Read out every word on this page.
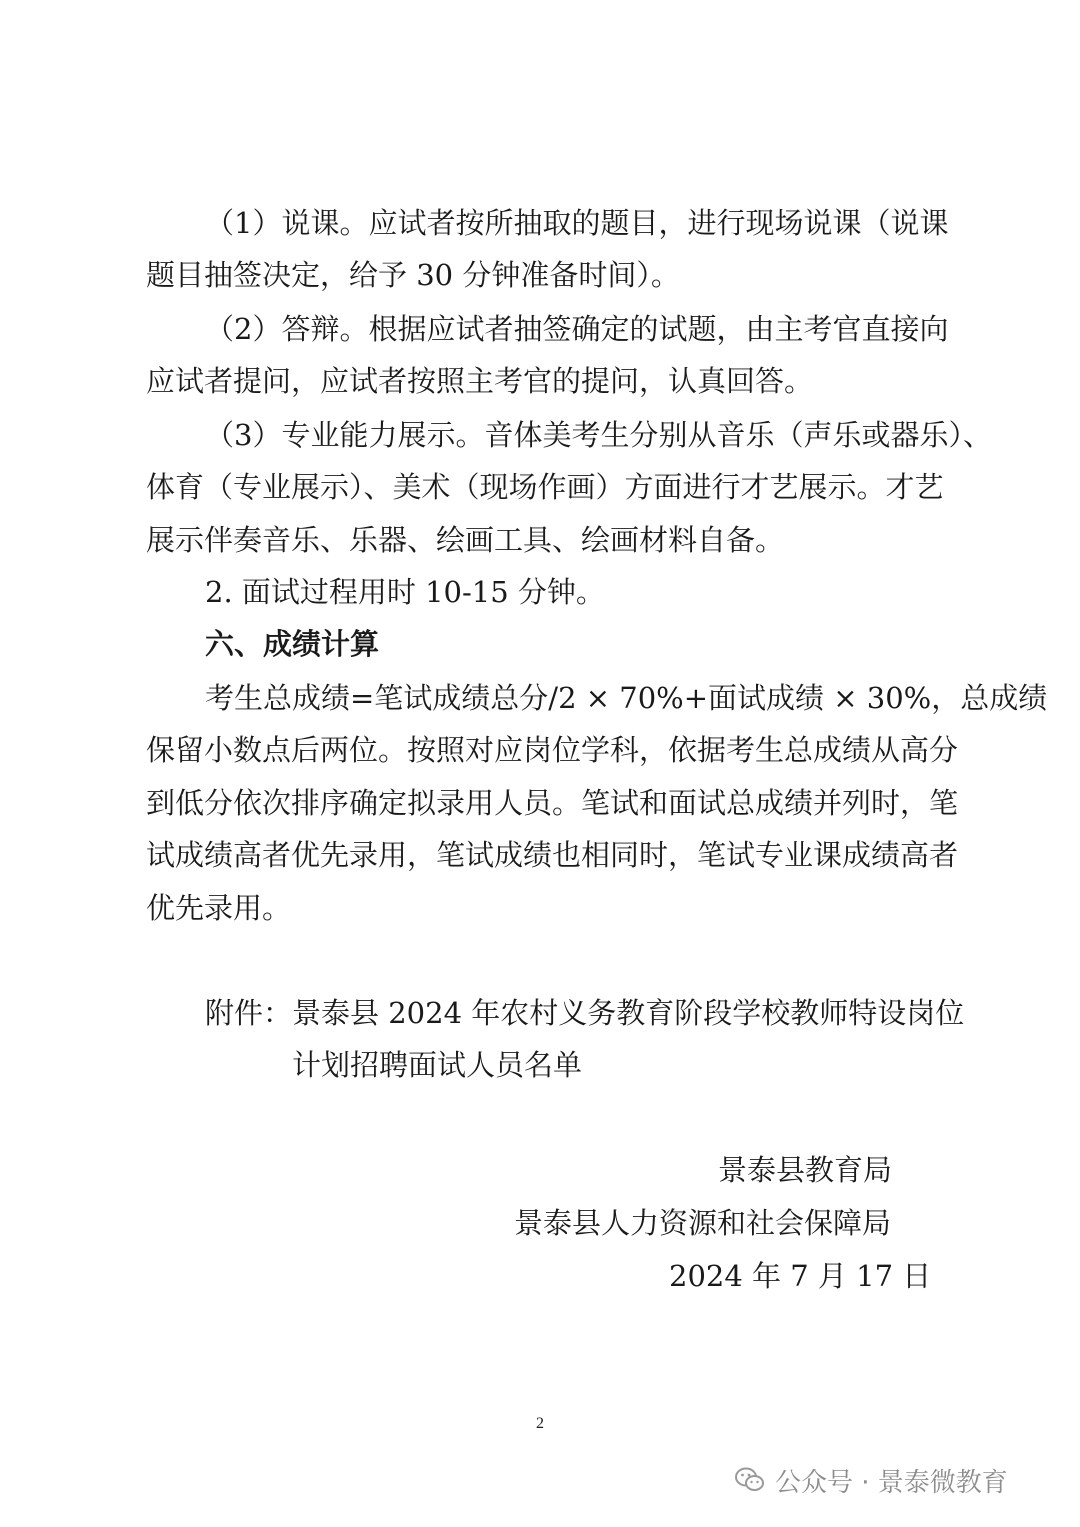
（1）说课。应试者按所抽取的题目，进行现场说课（说课
题目抽签决定，给予 30 分钟准备时间）。
（2）答辩。根据应试者抽签确定的试题，由主考官直接向
应试者提问，应试者按照主考官的提问，认真回答。
（3）专业能力展示。音体美考生分别从音乐（声乐或器乐）、
体育（专业展示）、美术（现场作画）方面进行才艺展示。才艺
展示伴奏音乐、乐器、绘画工具、绘画材料自备。
2. 面试过程用时 10-15 分钟。
六、成绩计算
考生总成绩=笔试成绩总分/2 × 70%+面试成绩 × 30%，总成绩
保留小数点后两位。按照对应岗位学科，依据考生总成绩从高分
到低分依次排序确定拟录用人员。笔试和面试总成绩并列时，笔
试成绩高者优先录用，笔试成绩也相同时，笔试专业课成绩高者
优先录用。
附件：景泰县 2024 年农村义务教育阶段学校教师特设岗位
计划招聘面试人员名单
景泰县教育局
景泰县人力资源和社会保障局
2024 年 7 月 17 日
2
公众号 · 景泰微教育
